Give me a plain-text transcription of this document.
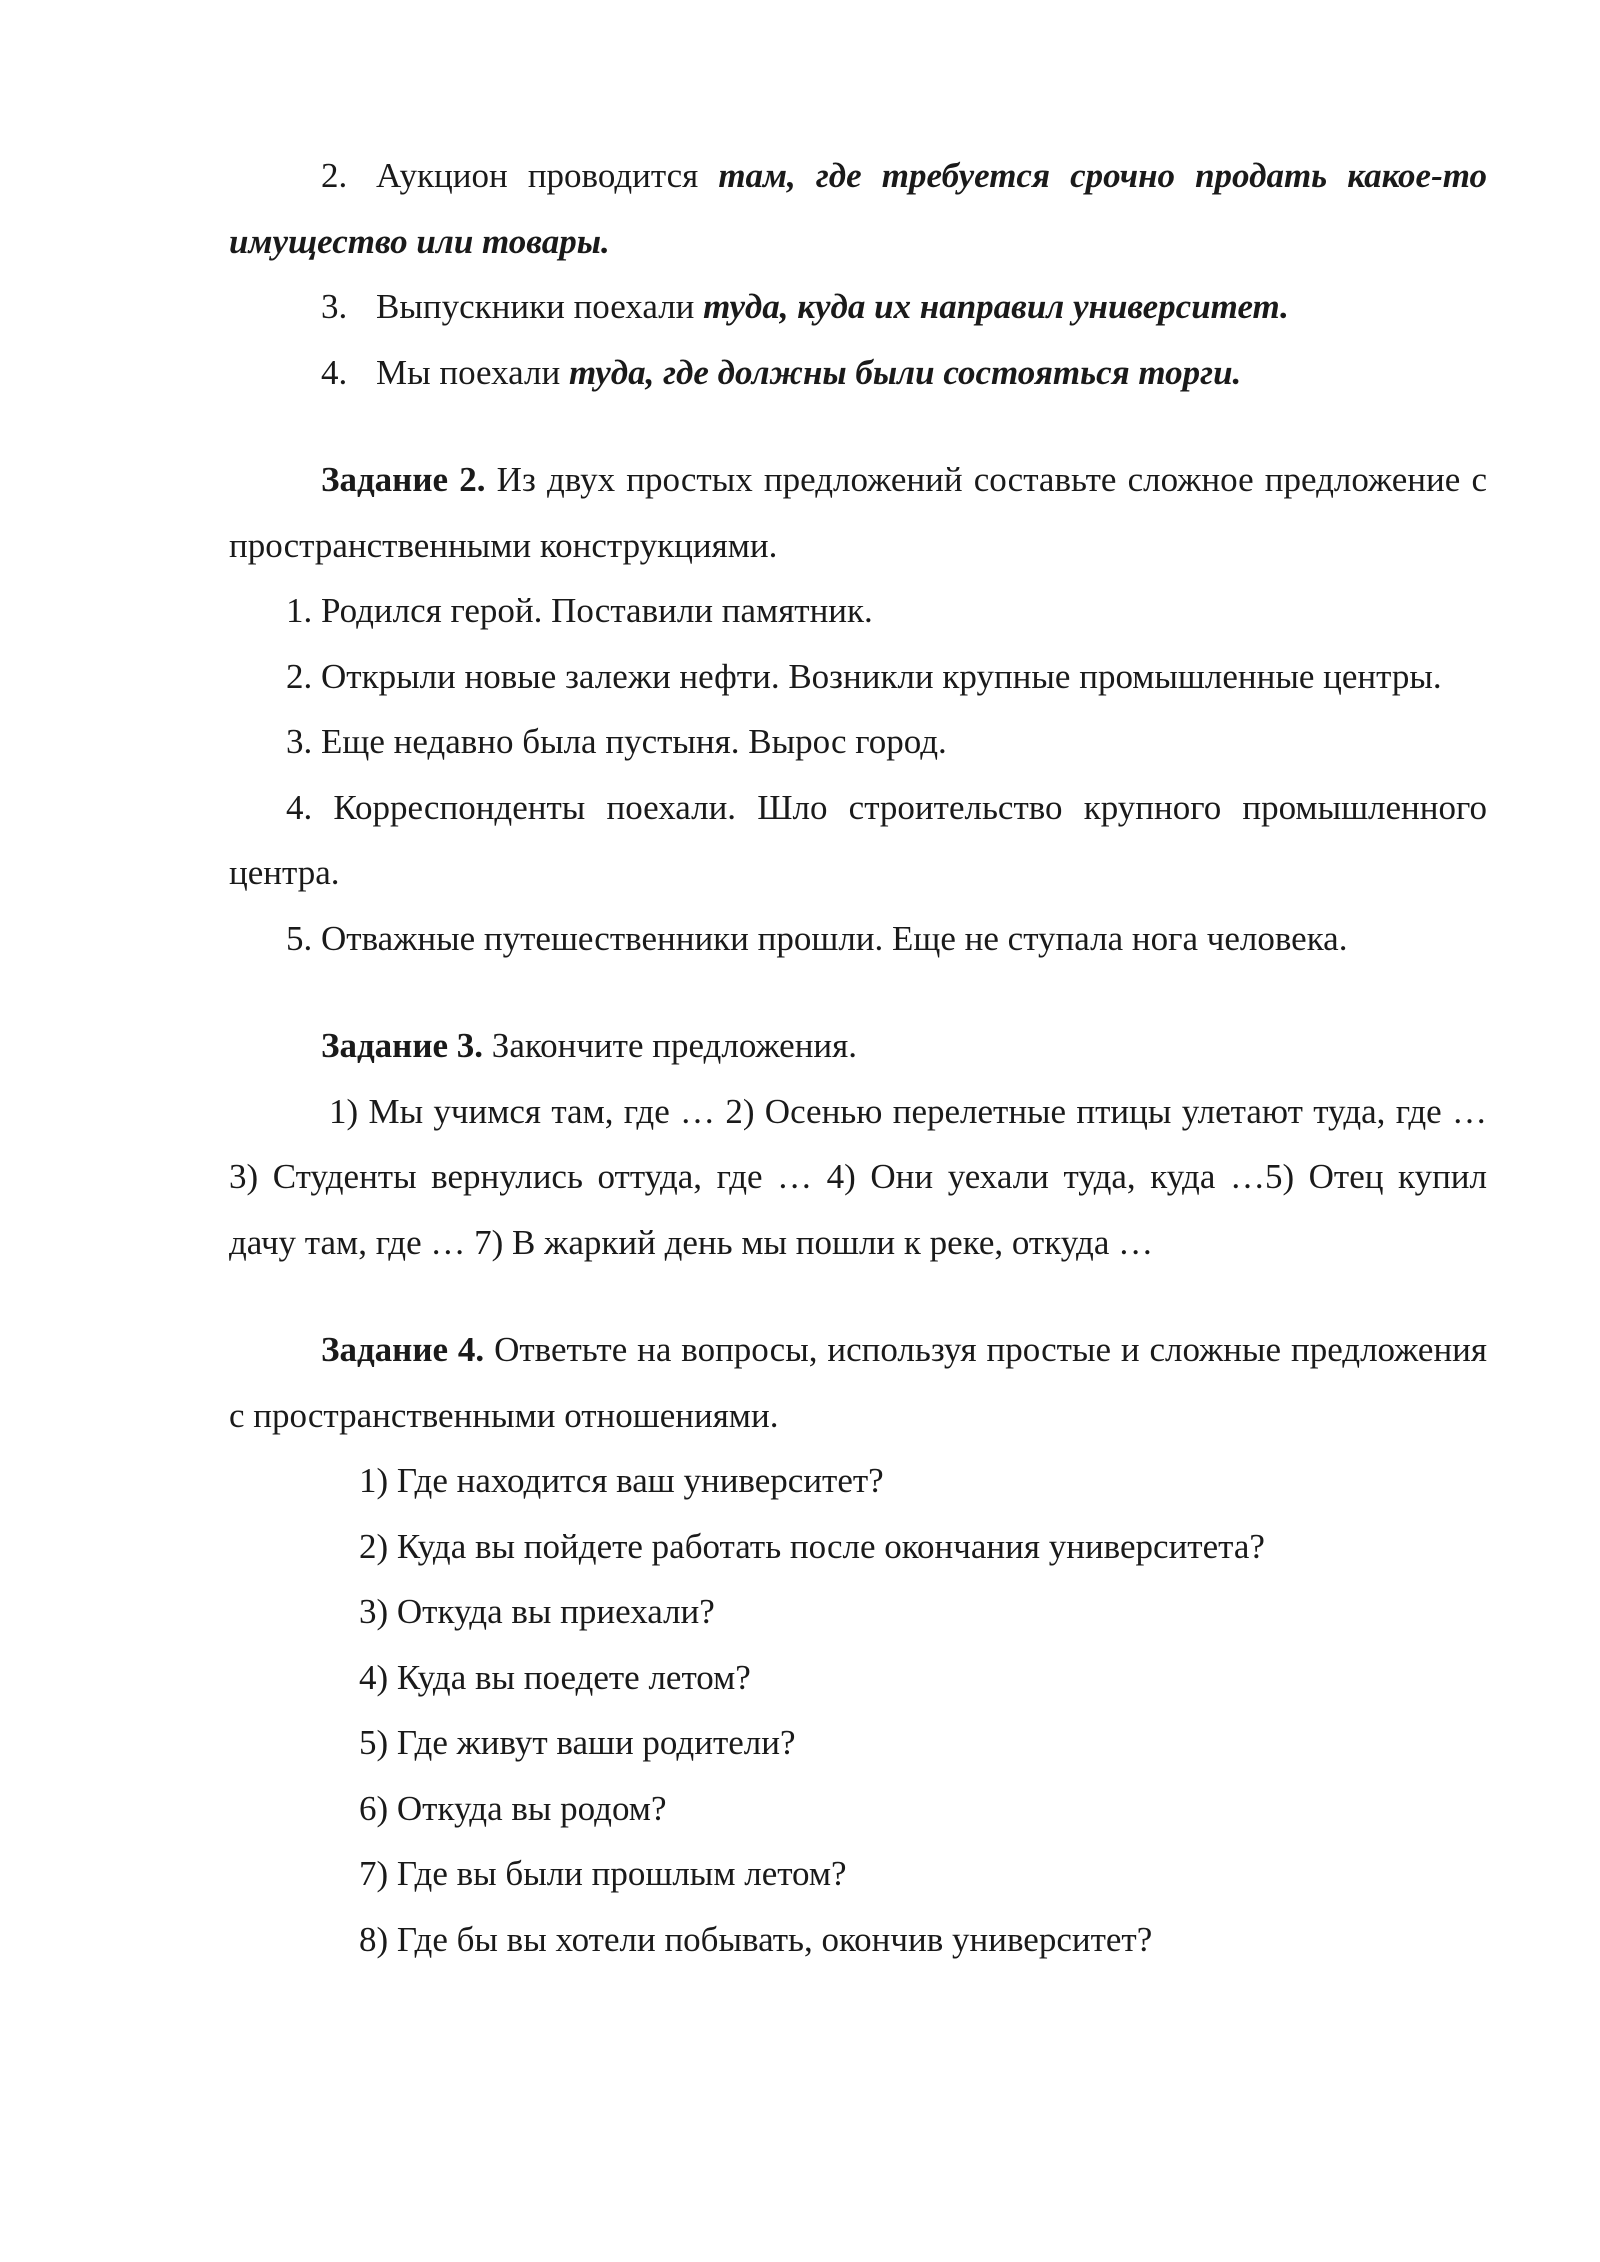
2. Аукцион проводится там, где требуется срочно продать какое-то имущество или товары.

3. Выпускники поехали туда, куда их направил университет.

4. Мы поехали туда, где должны были состояться торги.

Задание 2. Из двух простых предложений составьте сложное предложение с пространственными конструкциями.

1. Родился герой. Поставили памятник.

2. Открыли новые залежи нефти. Возникли крупные промышленные центры.

3. Еще недавно была пустыня. Вырос город.

4. Корреспонденты поехали. Шло строительство крупного промышленного центра.

5. Отважные путешественники прошли. Еще не ступала нога человека.

Задание 3. Закончите предложения.

1) Мы учимся там, где … 2) Осенью перелетные птицы улетают туда, где … 3) Студенты вернулись оттуда, где … 4) Они уехали туда, куда …5) Отец купил дачу там, где … 7) В жаркий день мы пошли к реке, откуда …

Задание 4. Ответьте на вопросы, используя простые и сложные предложения с пространственными отношениями.

1) Где находится ваш университет?

2) Куда вы пойдете работать после окончания университета?

3) Откуда вы приехали?

4) Куда вы поедете летом?

5) Где живут ваши родители?

6) Откуда вы родом?

7) Где вы были прошлым летом?

8) Где бы вы хотели побывать, окончив университет?
